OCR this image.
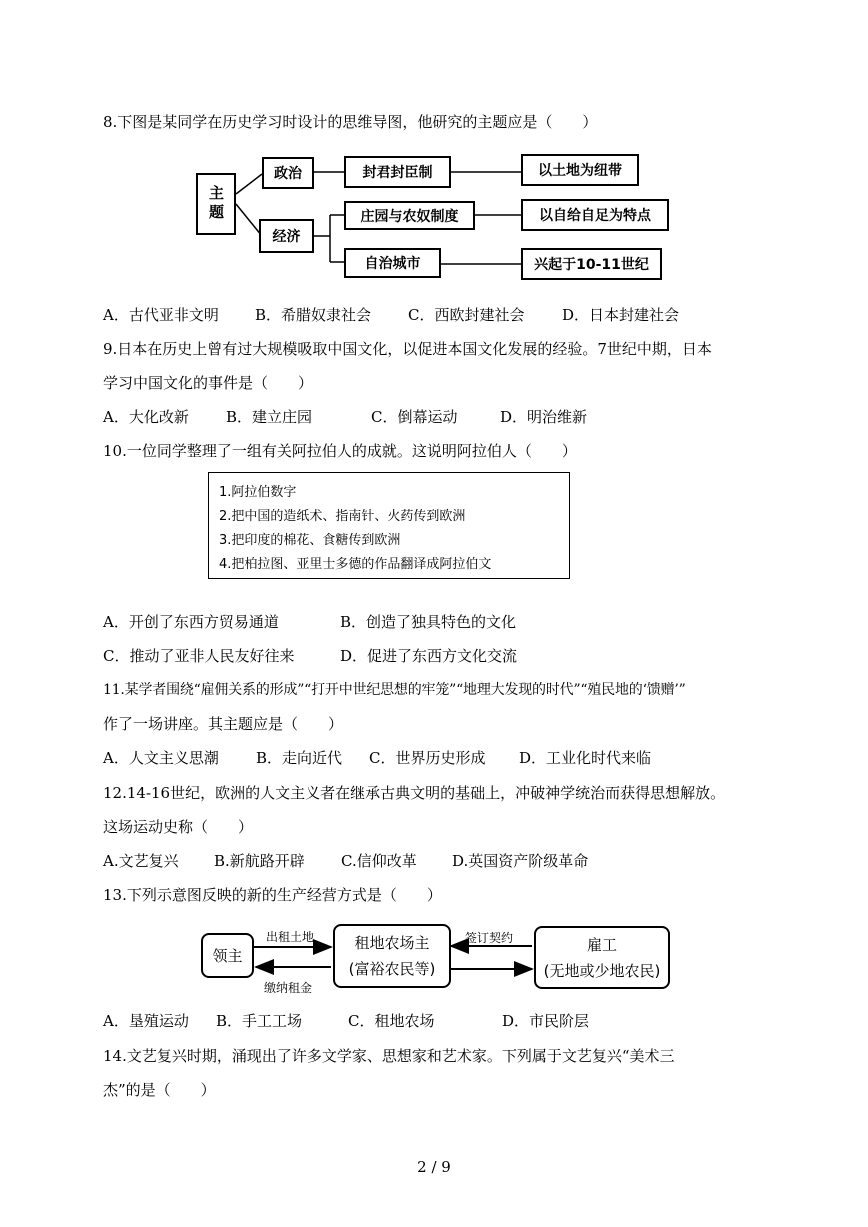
8.下图是某同学在历史学习时设计的思维导图，他研究的主题应是（　　）
主题
政治
经济
封君封臣制	以土地为纽带
庄园与农奴制度	以自给自足为特点
自治城市	兴起于10-11世纪
A．古代亚非文明 B．希腊奴隶社会 C．西欧封建社会	D．日本封建社会
9.日本在历史上曾有过大规模吸取中国文化，以促进本国文化发展的经验。7世纪中期，日本
学习中国文化的事件是（　　）
A．大化改新 B．建立庄园	C．倒幕运动	D．明治维新
10.一位同学整理了一组有关阿拉伯人的成就。这说明阿拉伯人（　　）
1.阿拉伯数字
2.把中国的造纸术、指南针、火药传到欧洲
3.把印度的棉花、食糖传到欧洲
4.把柏拉图、亚里士多德的作品翻译成阿拉伯文
A．开创了东西方贸易通道	B．创造了独具特色的文化
C．推动了亚非人民友好往来	D．促进了东西方文化交流
11.某学者围绕“雇佣关系的形成”“打开中世纪思想的牢笼”“地理大发现的时代”“殖民地的‘馈赠’”
作了一场讲座。其主题应是（　　）
A．人文主义思潮 B．走向近代 C．世界历史形成 D．工业化时代来临
12.14-16世纪，欧洲的人文主义者在继承古典文明的基础上，冲破神学统治而获得思想解放。
这场运动史称（　　）
A.文艺复兴 B.新航路开辟 C.信仰改革 D.英国资产阶级革命
13.下列示意图反映的新的生产经营方式是（　　）
领主
租地农场主
(富裕农民等)
雇工
(无地或少地农民)
出租土地
缴纳租金
签订契约
A．垦殖运动 B．手工工场	C．租地农场	D．市民阶层
14.文艺复兴时期，涌现出了许多文学家、思想家和艺术家。下列属于文艺复兴“美术三
杰”的是（　　）
2 / 9
